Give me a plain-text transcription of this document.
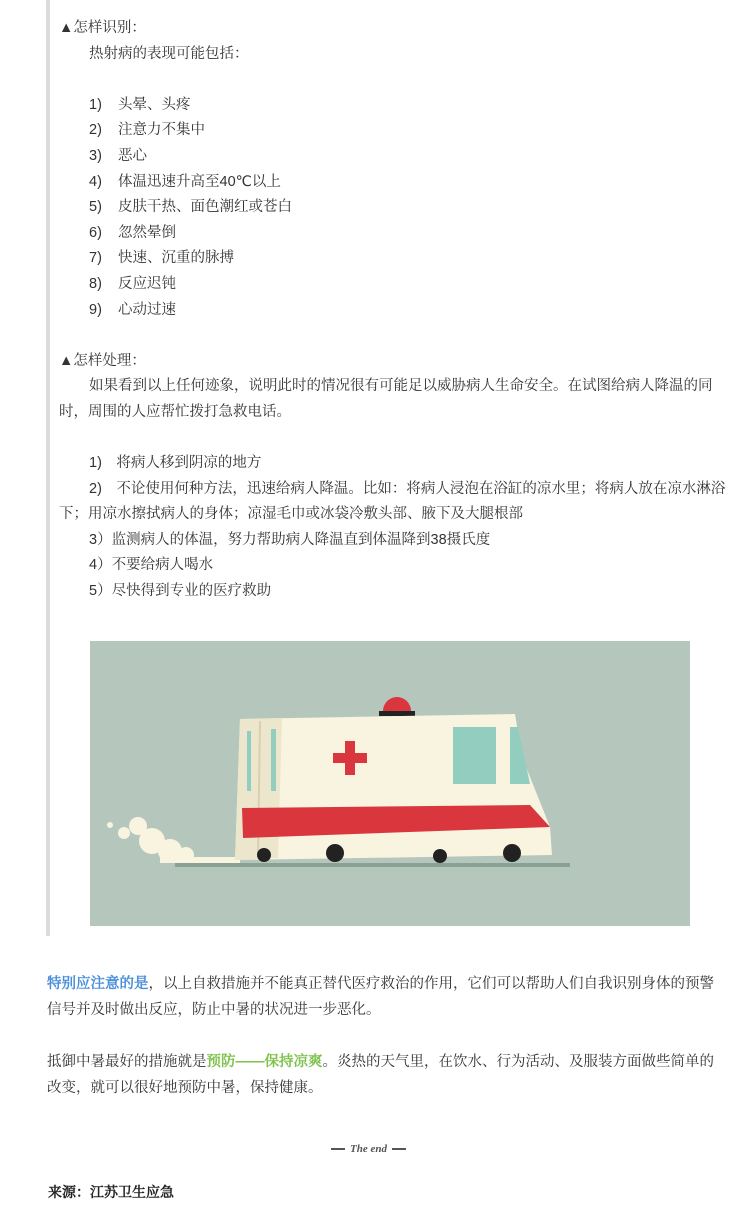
▲怎样识别：

热射病的表现可能包括：

1) 头晕、头疼

2) 注意力不集中

3) 恶心

4) 体温迅速升高至40℃以上

5) 皮肤干热、面色潮红或苍白

6) 忽然晕倒

7) 快速、沉重的脉搏

8) 反应迟钝

9) 心动过速

▲怎样处理：

如果看到以上任何迹象，说明此时的情况很有可能足以威胁病人生命安全。在试图给病人降温的同时，周围的人应帮忙拨打急救电话。

1)　将病人移到阴凉的地方

2)　不论使用何种方法，迅速给病人降温。比如：将病人浸泡在浴缸的凉水里；将病人放在凉水淋浴下；用凉水擦拭病人的身体；凉湿毛巾或冰袋冷敷头部、腋下及大腿根部

3）监测病人的体温，努力帮助病人降温直到体温降到38摄氏度

4）不要给病人喝水

5）尽快得到专业的医疗救助

特别应注意的是，以上自救措施并不能真正替代医疗救治的作用，它们可以帮助人们自我识别身体的预警信号并及时做出反应，防止中暑的状况进一步恶化。

抵御中暑最好的措施就是预防——保持凉爽。炎热的天气里，在饮水、行为活动、及服装方面做些简单的改变，就可以很好地预防中暑，保持健康。

The end
来源：江苏卫生应急
